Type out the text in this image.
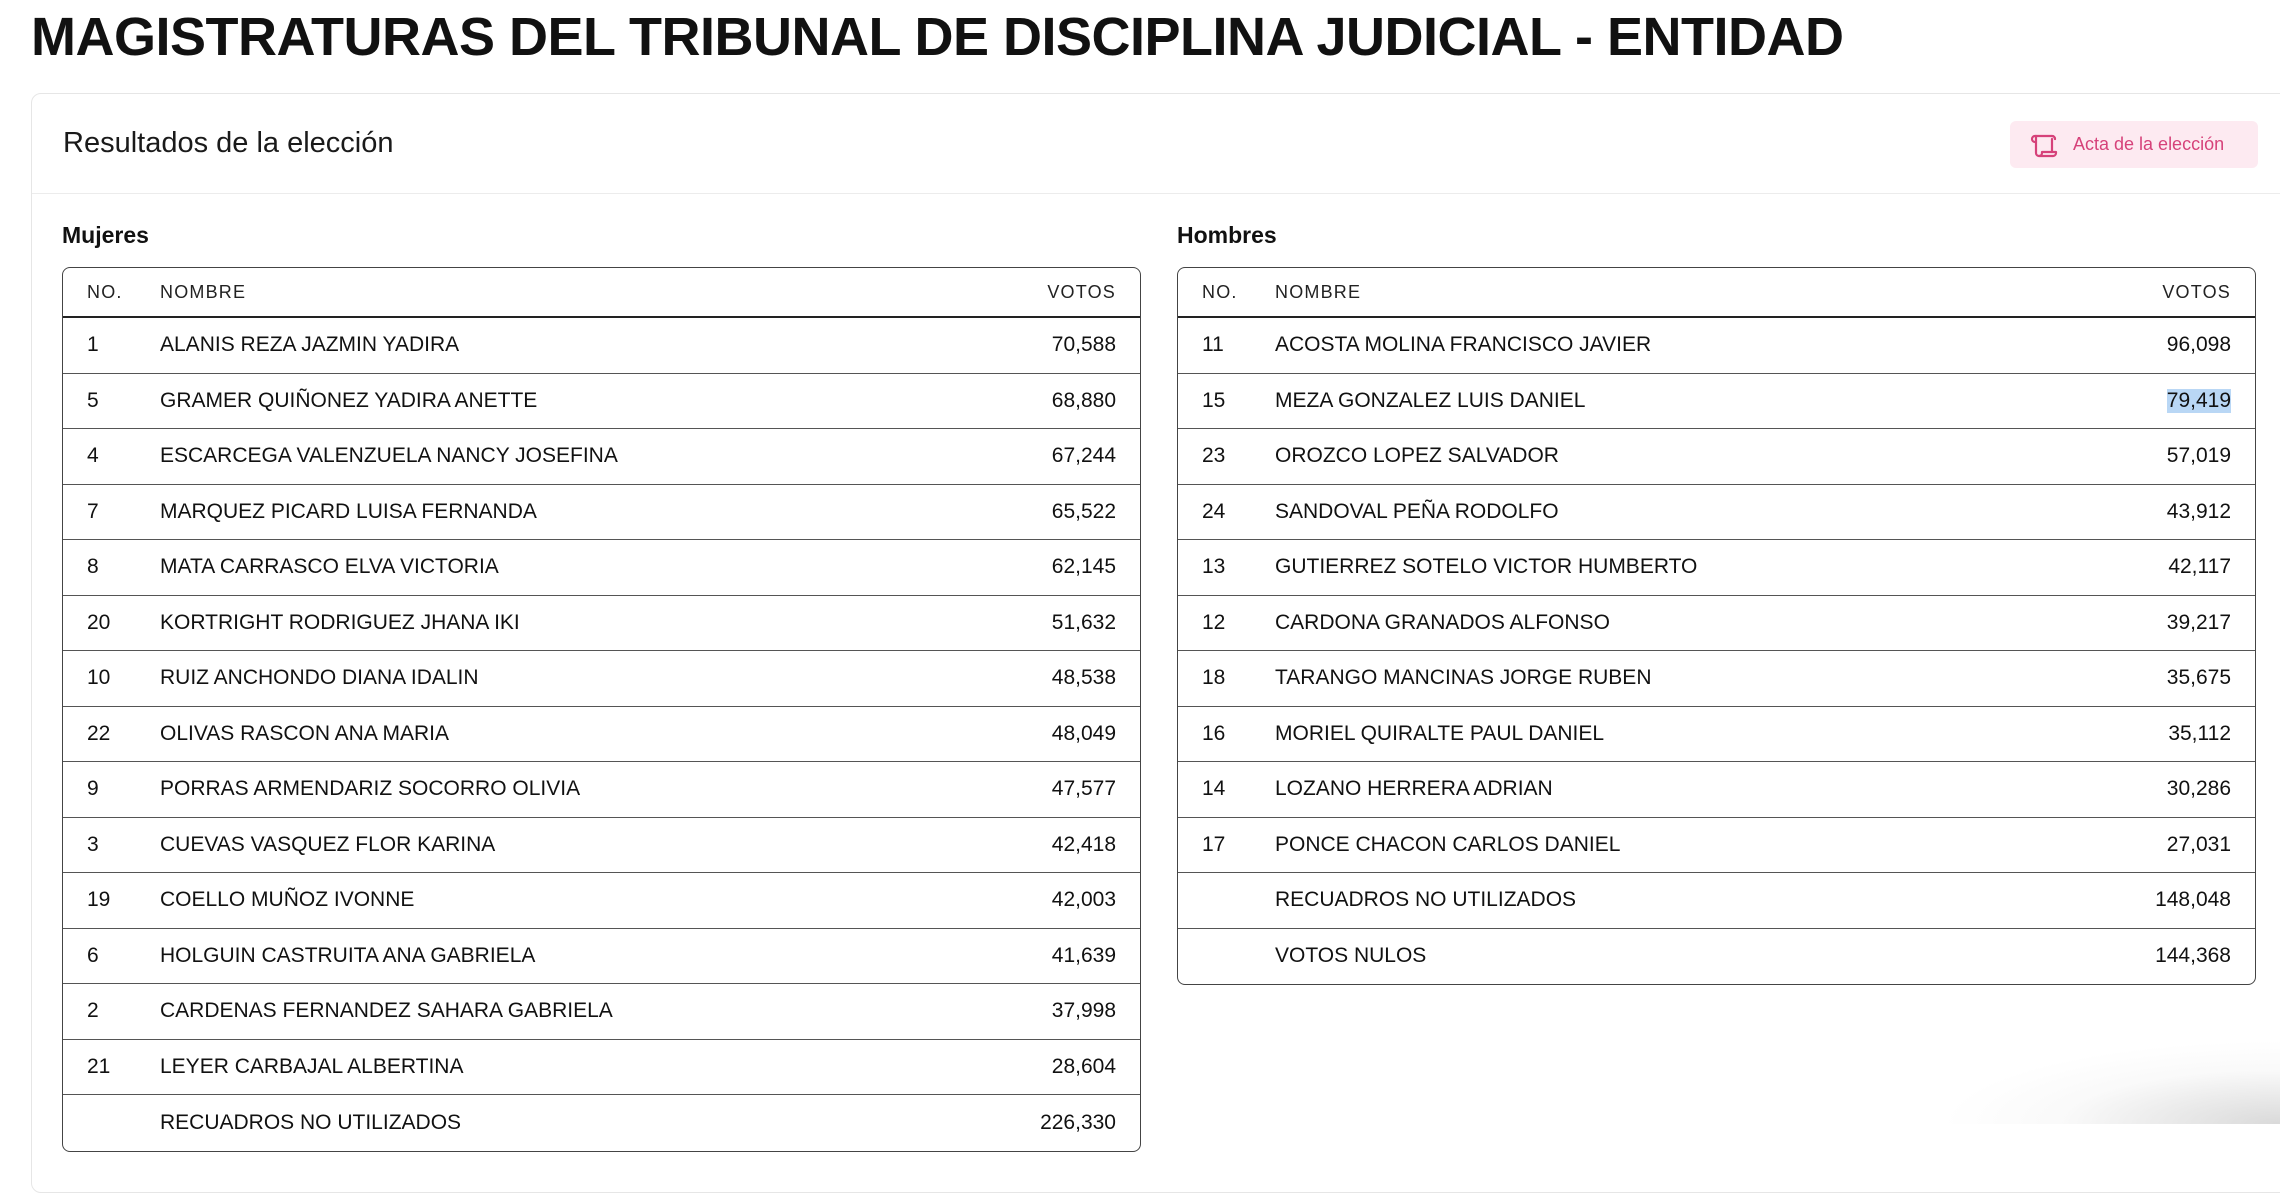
MAGISTRATURAS DEL TRIBUNAL DE DISCIPLINA JUDICIAL - ENTIDAD
Resultados de la elección	Acta de la elección
Mujeres
NO. NOMBRE	VOTOS
1	ALANIS REZA JAZMIN YADIRA	70,588
5	GRAMER QUIÑONEZ YADIRA ANETTE	68,880
4	ESCARCEGA VALENZUELA NANCY JOSEFINA	67,244
7	MARQUEZ PICARD LUISA FERNANDA	65,522
8	MATA CARRASCO ELVA VICTORIA	62,145
20 KORTRIGHT RODRIGUEZ JHANA IKI	51,632
10 RUIZ ANCHONDO DIANA IDALIN	48,538
22 OLIVAS RASCON ANA MARIA	48,049
9	PORRAS ARMENDARIZ SOCORRO OLIVIA	47,577
3	CUEVAS VASQUEZ FLOR KARINA	42,418
19 COELLO MUÑOZ IVONNE	42,003
6	HOLGUIN CASTRUITA ANA GABRIELA	41,639
2	CARDENAS FERNANDEZ SAHARA GABRIELA	37,998
21 LEYER CARBAJAL ALBERTINA	28,604
RECUADROS NO UTILIZADOS	226,330
Hombres
NO. NOMBRE	VOTOS
11 ACOSTA MOLINA FRANCISCO JAVIER	96,098
15 MEZA GONZALEZ LUIS DANIEL	79,419
23 OROZCO LOPEZ SALVADOR	57,019
24 SANDOVAL PEÑA RODOLFO	43,912
13 GUTIERREZ SOTELO VICTOR HUMBERTO	42,117
12 CARDONA GRANADOS ALFONSO	39,217
18 TARANGO MANCINAS JORGE RUBEN	35,675
16 MORIEL QUIRALTE PAUL DANIEL	35,112
14 LOZANO HERRERA ADRIAN	30,286
17 PONCE CHACON CARLOS DANIEL	27,031
RECUADROS NO UTILIZADOS	148,048
VOTOS NULOS	144,368
